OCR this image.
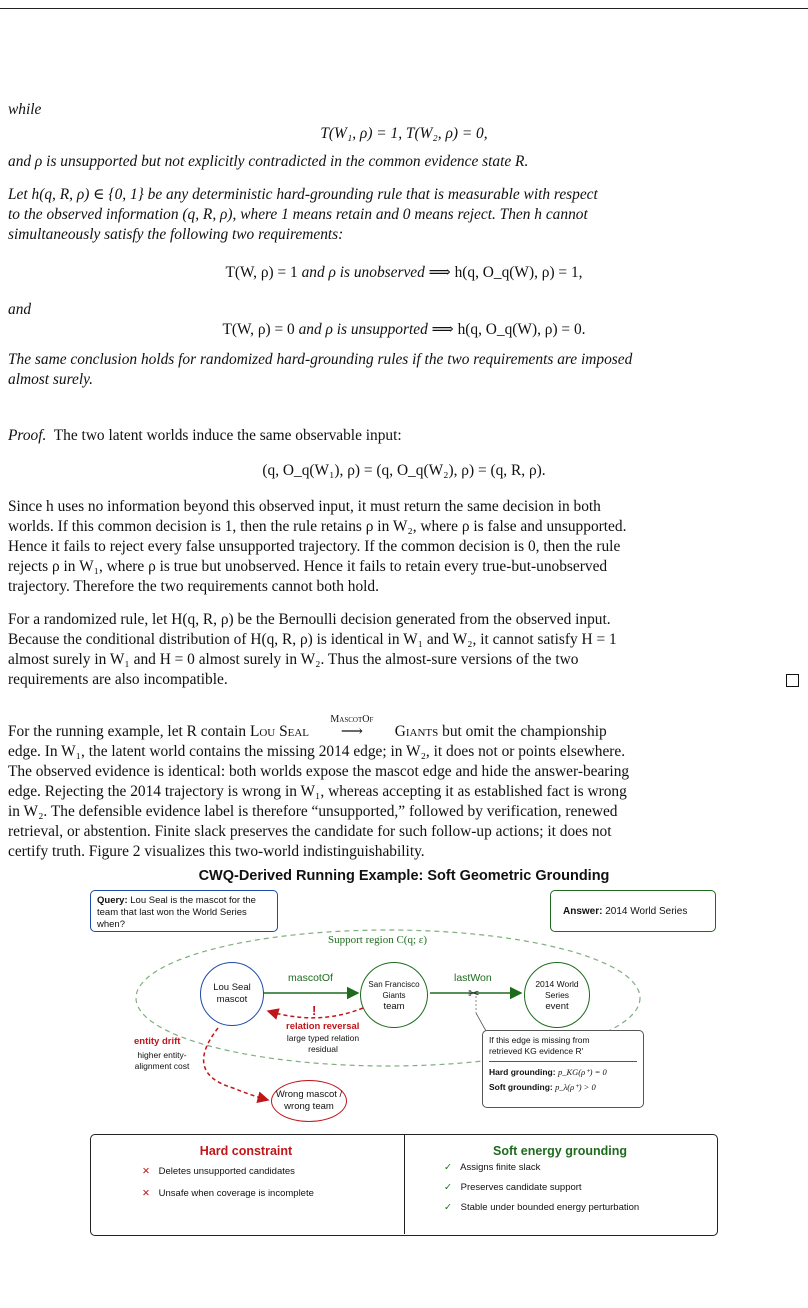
while

T(W₁, ρ) = 1, T(W₂, ρ) = 0,

and ρ is unsupported but not explicitly contradicted in the common evidence state R.

Let h(q, R, ρ) ∈ {0, 1} be any deterministic hard-grounding rule that is measurable with respect

to the observed information (q, R, ρ), where 1 means retain and 0 means reject. Then h cannot

simultaneously satisfy the following two requirements:

T(W, ρ) = 1 and ρ is unobserved ⟹ h(q, O_q(W), ρ) = 1,

and

T(W, ρ) = 0 and ρ is unsupported ⟹ h(q, O_q(W), ρ) = 0.

The same conclusion holds for randomized hard-grounding rules if the two requirements are imposed

almost surely.

Proof. The two latent worlds induce the same observable input:

(q, O_q(W₁), ρ) = (q, O_q(W₂), ρ) = (q, R, ρ).

Since h uses no information beyond this observed input, it must return the same decision in both

worlds. If this common decision is 1, then the rule retains ρ in W₂, where ρ is false and unsupported.

Hence it fails to reject every false unsupported trajectory. If the common decision is 0, then the rule

rejects ρ in W₁, where ρ is true but unobserved. Hence it fails to retain every true-but-unobserved

trajectory. Therefore the two requirements cannot both hold.

For a randomized rule, let H(q, R, ρ) be the Bernoulli decision generated from the observed input.

Because the conditional distribution of H(q, R, ρ) is identical in W₁ and W₂, it cannot satisfy H = 1

almost surely in W₁ and H = 0 almost surely in W₂. Thus the almost-sure versions of the two

requirements are also incompatible.

For the running example, let R contain Lou Seal
MascotOf
⟶ Giants but omit the championship

edge. In W₁, the latent world contains the missing 2014 edge; in W₂, it does not or points elsewhere.

The observed evidence is identical: both worlds expose the mascot edge and hide the answer-bearing

edge. Rejecting the 2014 trajectory is wrong in W₁, whereas accepting it as established fact is wrong

in W₂. The defensible evidence label is therefore “unsupported,” followed by verification, renewed

retrieval, or abstention. Finite slack preserves the candidate for such follow-up actions; it does not

certify truth. Figure 2 visualizes this two-world indistinguishability.

CWQ-Derived Running Example: Soft Geometric Grounding
Query: Lou Seal is the mascot for the team that last won the World Series when?
Answer:
2014 World Series
Support region C(q; ε)
Lou Seal
mascot
San Francisco Giants
team
2014 World Series
event
Wrong mascot /
wrong team
mascotOf	lastWon
✂
!
relation reversal
large typed relation
residual
entity drift
higher entity-
alignment cost
If this edge is missing from
retrieved KG evidence R′
Hard grounding: p_KG(ρ⁺) = 0
Soft grounding: p_λ(ρ⁺) > 0
Hard constraint
✕ Deletes unsupported candidates
✕ Unsafe when coverage is incomplete
Soft energy grounding
✓ Assigns finite slack
✓ Preserves candidate support
✓ Stable under bounded energy perturbation
